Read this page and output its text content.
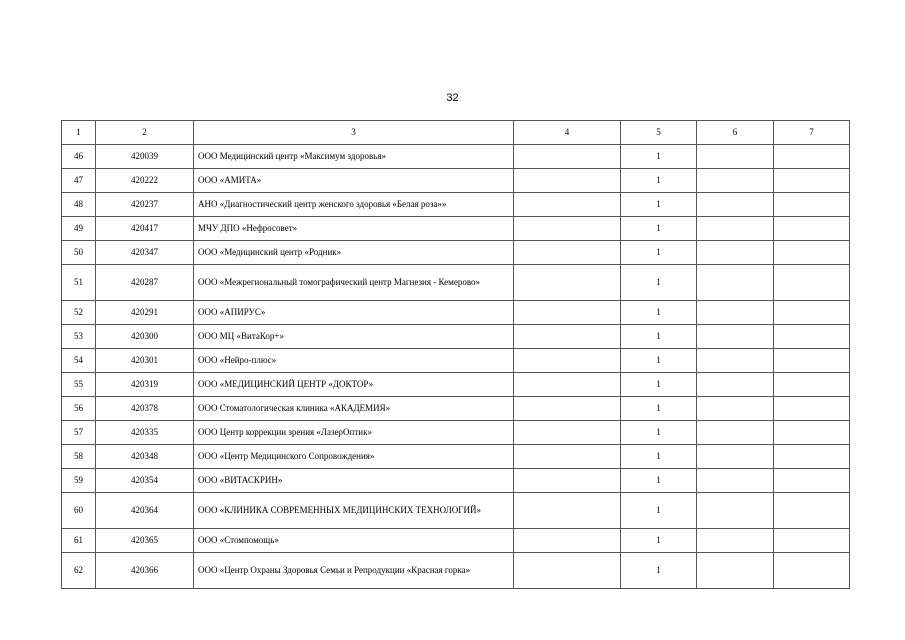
32
1	2	3	4	5	6	7
46	420039	ООО Медицинский центр «Максимум здоровья»		1		
47	420222	ООО «АМИТА»		1		
48	420237	АНО «Диагностический центр женского здоровья «Белая роза»»		1		
49	420417	МЧУ ДПО «Нефросовет»		1		
50	420347	ООО «Медицинский центр «Родник»		1		
51	420287	ООО «Межрегиональный томографический центр Магнезия - Кемерово»		1		
52	420291	ООО «АПИРУС»		1		
53	420300	ООО МЦ «ВитаКор+»		1		
54	420301	ООО «Нейро-плюс»		1		
55	420319	ООО «МЕДИЦИНСКИЙ ЦЕНТР «ДОКТОР»		1		
56	420378	ООО Стоматологическая клиника «АКАДЕМИЯ»		1		
57	420335	ООО Центр коррекции зрения «ЛазерОптик»		1		
58	420348	ООО «Центр Медицинского Сопровождения»		1		
59	420354	ООО «ВИТАСКРИН»		1		
60	420364	ООО «КЛИНИКА СОВРЕМЕННЫХ МЕДИЦИНСКИХ ТЕХНОЛОГИЙ»		1		
61	420365	ООО «Стомпомощь»		1		
62	420366	ООО «Центр Охраны Здоровья Семьи и Репродукции «Красная горка»		1		
